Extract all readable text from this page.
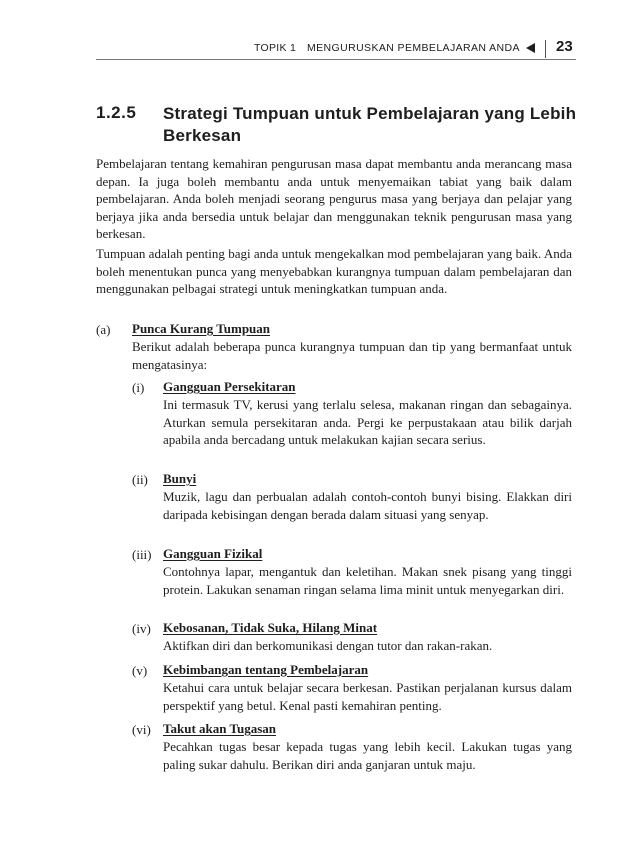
TOPIK 1 MENGURUSKAN PEMBELAJARAN ANDA 23
1.2.5 Strategi Tumpuan untuk Pembelajaran yang Lebih Berkesan
Pembelajaran tentang kemahiran pengurusan masa dapat membantu anda merancang masa depan. Ia juga boleh membantu anda untuk menyemaikan tabiat yang baik dalam pembelajaran. Anda boleh menjadi seorang pengurus masa yang berjaya dan pelajar yang berjaya jika anda bersedia untuk belajar dan menggunakan teknik pengurusan masa yang berkesan.
Tumpuan adalah penting bagi anda untuk mengekalkan mod pembelajaran yang baik. Anda boleh menentukan punca yang menyebabkan kurangnya tumpuan dalam pembelajaran dan menggunakan pelbagai strategi untuk meningkatkan tumpuan anda.
(a) Punca Kurang Tumpuan
Berikut adalah beberapa punca kurangnya tumpuan dan tip yang bermanfaat untuk mengatasinya:
(i) Gangguan Persekitaran
Ini termasuk TV, kerusi yang terlalu selesa, makanan ringan dan sebagainya. Aturkan semula persekitaran anda. Pergi ke perpustakaan atau bilik darjah apabila anda bercadang untuk melakukan kajian secara serius.
(ii) Bunyi
Muzik, lagu dan perbualan adalah contoh-contoh bunyi bising. Elakkan diri daripada kebisingan dengan berada dalam situasi yang senyap.
(iii) Gangguan Fizikal
Contohnya lapar, mengantuk dan keletihan. Makan snek pisang yang tinggi protein. Lakukan senaman ringan selama lima minit untuk menyegarkan diri.
(iv) Kebosanan, Tidak Suka, Hilang Minat
Aktifkan diri dan berkomunikasi dengan tutor dan rakan-rakan.
(v) Kebimbangan tentang Pembelajaran
Ketahui cara untuk belajar secara berkesan. Pastikan perjalanan kursus dalam perspektif yang betul. Kenal pasti kemahiran penting.
(vi) Takut akan Tugasan
Pecahkan tugas besar kepada tugas yang lebih kecil. Lakukan tugas yang paling sukar dahulu. Berikan diri anda ganjaran untuk maju.
